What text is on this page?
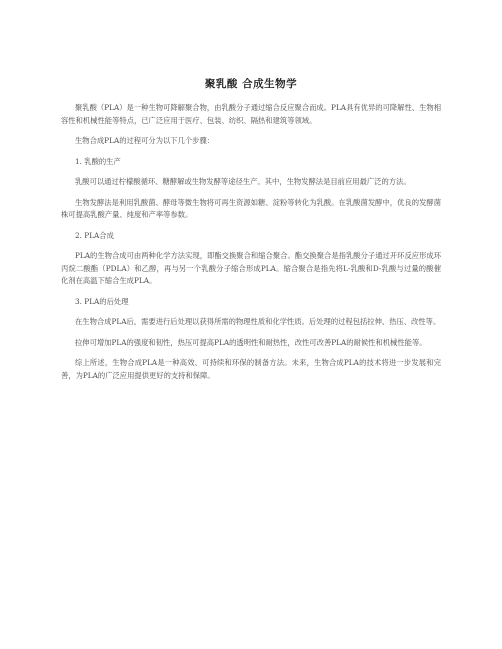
聚乳酸 合成生物学

聚乳酸（PLA）是一种生物可降解聚合物，由乳酸分子通过缩合反应聚合而成。PLA具有优异的可降解性、生物相容性和机械性能等特点，已广泛应用于医疗、包装、纺织、隔热和建筑等领域。

生物合成PLA的过程可分为以下几个步骤：

1. 乳酸的生产

乳酸可以通过柠檬酸循环、糖酵解或生物发酵等途径生产。其中，生物发酵法是目前应用最广泛的方法。

生物发酵法是利用乳酸菌、酵母等微生物将可再生资源如糖、淀粉等转化为乳酸。在乳酸菌发酵中，优良的发酵菌株可提高乳酸产量、纯度和产率等参数。

2. PLA合成

PLA的生物合成可由两种化学方法实现，即酯交换聚合和缩合聚合。酯交换聚合是指乳酸分子通过开环反应形成环丙烷二酸酯（PDLA）和乙醇，再与另一个乳酸分子缩合形成PLA。缩合聚合是指先将L-乳酸和D-乳酸与过量的酸催化剂在高温下缩合生成PLA。

3. PLA的后处理

在生物合成PLA后，需要进行后处理以获得所需的物理性质和化学性质。后处理的过程包括拉伸、热压、改性等。

拉伸可增加PLA的强度和韧性，热压可提高PLA的透明性和耐热性，改性可改善PLA的耐候性和机械性能等。

综上所述，生物合成PLA是一种高效、可持续和环保的制备方法。未来，生物合成PLA的技术将进一步发展和完善，为PLA的广泛应用提供更好的支持和保障。
